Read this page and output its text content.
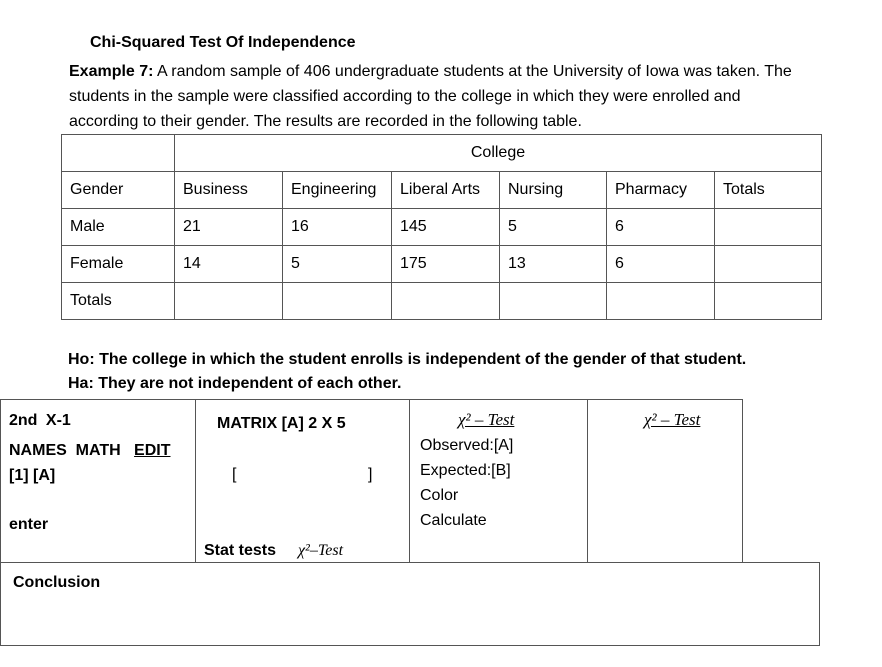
Chi-Squared Test Of Independence
Example 7: A random sample of 406 undergraduate students at the University of Iowa was taken. The students in the sample were classified according to the college in which they were enrolled and according to their gender. The results are recorded in the following table.
	College					
Gender	Business	Engineering	Liberal Arts	Nursing	Pharmacy	Totals
Male	21	16	145	5	6	
Female	14	5	175	13	6	
Totals						
Ho: The college in which the student enrolls is independent of the gender of that student.
Ha: They are not independent of each other.
2nd X-1
NAMES  MATH EDIT
[1] [A]
enter

MATRIX [A] 2 X 5
[	]
Stat tests χ²–Test

χ² – Test
Observed:[A]
Expected:[B]
Color
Calculate

χ² – Test
Conclusion
